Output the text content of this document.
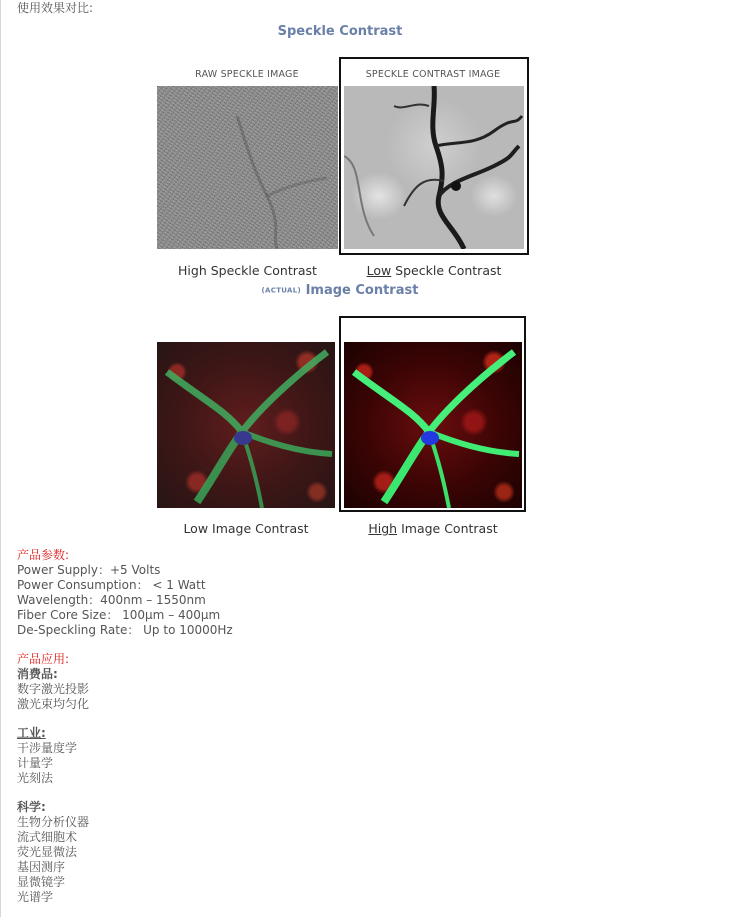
使用效果对比:
Speckle Contrast
RAW SPECKLE IMAGE	SPECKLE CONTRAST IMAGE
High Speckle Contrast	Low Speckle Contrast
(ACTUAL) Image Contrast
Low Image Contrast	High Image Contrast
产品参数:
Power Supply：+5 Volts
Power Consumption： < 1 Watt
Wavelength：400nm – 1550nm
Fiber Core Size： 100μm – 400μm
De-Speckling Rate： Up to 10000Hz
产品应用:
消费品:
数字激光投影
激光束均匀化
工业:
干涉量度学
计量学
光刻法
科学:
生物分析仪器
流式细胞术
荧光显微法
基因测序
显微镜学
光谱学
